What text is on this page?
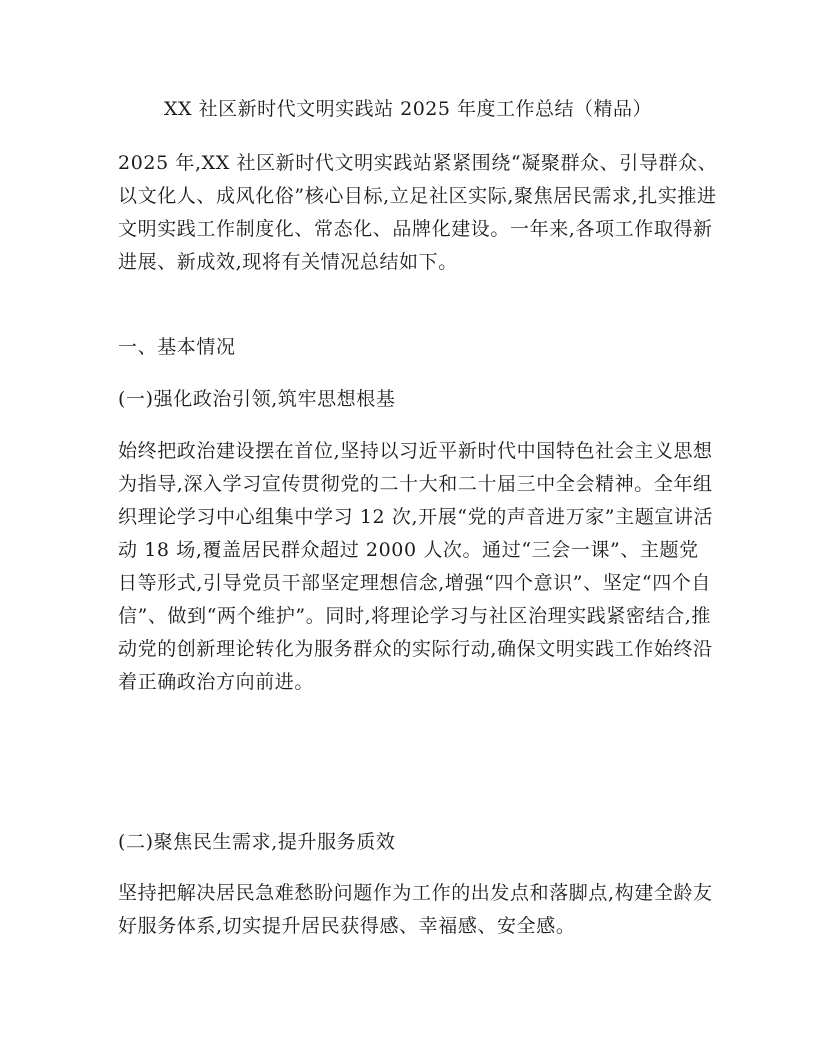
XX 社区新时代文明实践站 2025 年度工作总结（精品）

2025 年,XX 社区新时代文明实践站紧紧围绕“凝聚群众、引导群众、以文化人、成风化俗”核心目标,立足社区实际,聚焦居民需求,扎实推进文明实践工作制度化、常态化、品牌化建设。一年来,各项工作取得新进展、新成效,现将有关情况总结如下。

一、基本情况

(一)强化政治引领,筑牢思想根基

始终把政治建设摆在首位,坚持以习近平新时代中国特色社会主义思想为指导,深入学习宣传贯彻党的二十大和二十届三中全会精神。全年组织理论学习中心组集中学习 12 次,开展“党的声音进万家”主题宣讲活动 18 场,覆盖居民群众超过 2000 人次。通过“三会一课”、主题党日等形式,引导党员干部坚定理想信念,增强“四个意识”、坚定“四个自信”、做到“两个维护”。同时,将理论学习与社区治理实践紧密结合,推动党的创新理论转化为服务群众的实际行动,确保文明实践工作始终沿着正确政治方向前进。

(二)聚焦民生需求,提升服务质效

坚持把解决居民急难愁盼问题作为工作的出发点和落脚点,构建全龄友好服务体系,切实提升居民获得感、幸福感、安全感。
